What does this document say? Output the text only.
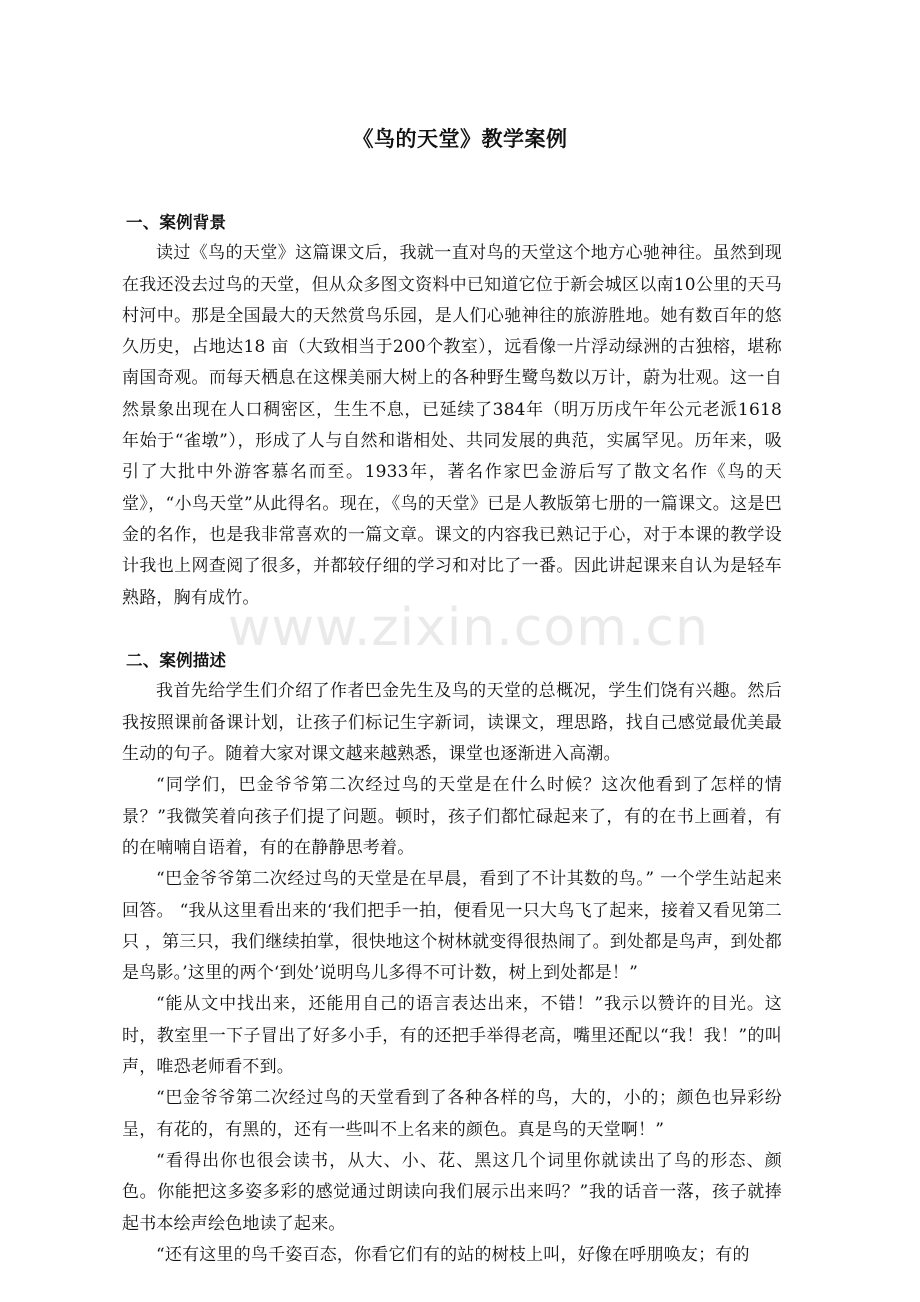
《鸟的天堂》教学案例

一、案例背景

读过《鸟的天堂》这篇课文后，我就一直对鸟的天堂这个地方心驰神往。虽然到现在我还没去过鸟的天堂，但从众多图文资料中已知道它位于新会城区以南10公里的天马村河中。那是全国最大的天然赏鸟乐园，是人们心驰神往的旅游胜地。她有数百年的悠久历史，占地达18 亩（大致相当于200个教室），远看像一片浮动绿洲的古独榕，堪称南国奇观。而每天栖息在这棵美丽大树上的各种野生鹭鸟数以万计，蔚为壮观。这一自然景象出现在人口稠密区，生生不息，已延续了384年（明万历戌午年公元老派1618年始于“雀墩”），形成了人与自然和谐相处、共同发展的典范，实属罕见。历年来，吸引了大批中外游客慕名而至。1933年，著名作家巴金游后写了散文名作《鸟的天堂》，“小鸟天堂”从此得名。现在，《鸟的天堂》已是人教版第七册的一篇课文。这是巴金的名作，也是我非常喜欢的一篇文章。课文的内容我已熟记于心，对于本课的教学设计我也上网查阅了很多，并都较仔细的学习和对比了一番。因此讲起课来自认为是轻车熟路，胸有成竹。

二、案例描述

我首先给学生们介绍了作者巴金先生及鸟的天堂的总概况，学生们饶有兴趣。然后我按照课前备课计划，让孩子们标记生字新词，读课文，理思路，找自己感觉最优美最生动的句子。随着大家对课文越来越熟悉，课堂也逐渐进入高潮。

“同学们，巴金爷爷第二次经过鸟的天堂是在什么时候？这次他看到了怎样的情景？”我微笑着向孩子们提了问题。顿时，孩子们都忙碌起来了，有的在书上画着，有的在喃喃自语着，有的在静静思考着。

“巴金爷爷第二次经过鸟的天堂是在早晨，看到了不计其数的鸟。” 一个学生站起来回答。 “我从这里看出来的‘我们把手一拍，便看见一只大鸟飞了起来，接着又看见第二只 ，第三只，我们继续拍掌，很快地这个树林就变得很热闹了。到处都是鸟声，到处都是鸟影。’这里的两个‘到处’说明鸟儿多得不可计数，树上到处都是！”

“能从文中找出来，还能用自己的语言表达出来，不错！”我示以赞许的目光。这时，教室里一下子冒出了好多小手，有的还把手举得老高，嘴里还配以“我！我！”的叫声，唯恐老师看不到。

“巴金爷爷第二次经过鸟的天堂看到了各种各样的鸟，大的，小的；颜色也异彩纷呈，有花的，有黑的，还有一些叫不上名来的颜色。真是鸟的天堂啊！”

“看得出你也很会读书，从大、小、花、黑这几个词里你就读出了鸟的形态、颜色。你能把这多姿多彩的感觉通过朗读向我们展示出来吗？”我的话音一落，孩子就捧起书本绘声绘色地读了起来。

“还有这里的鸟千姿百态，你看它们有的站的树枝上叫，好像在呼朋唤友；有的

www.zixin.com.cn
